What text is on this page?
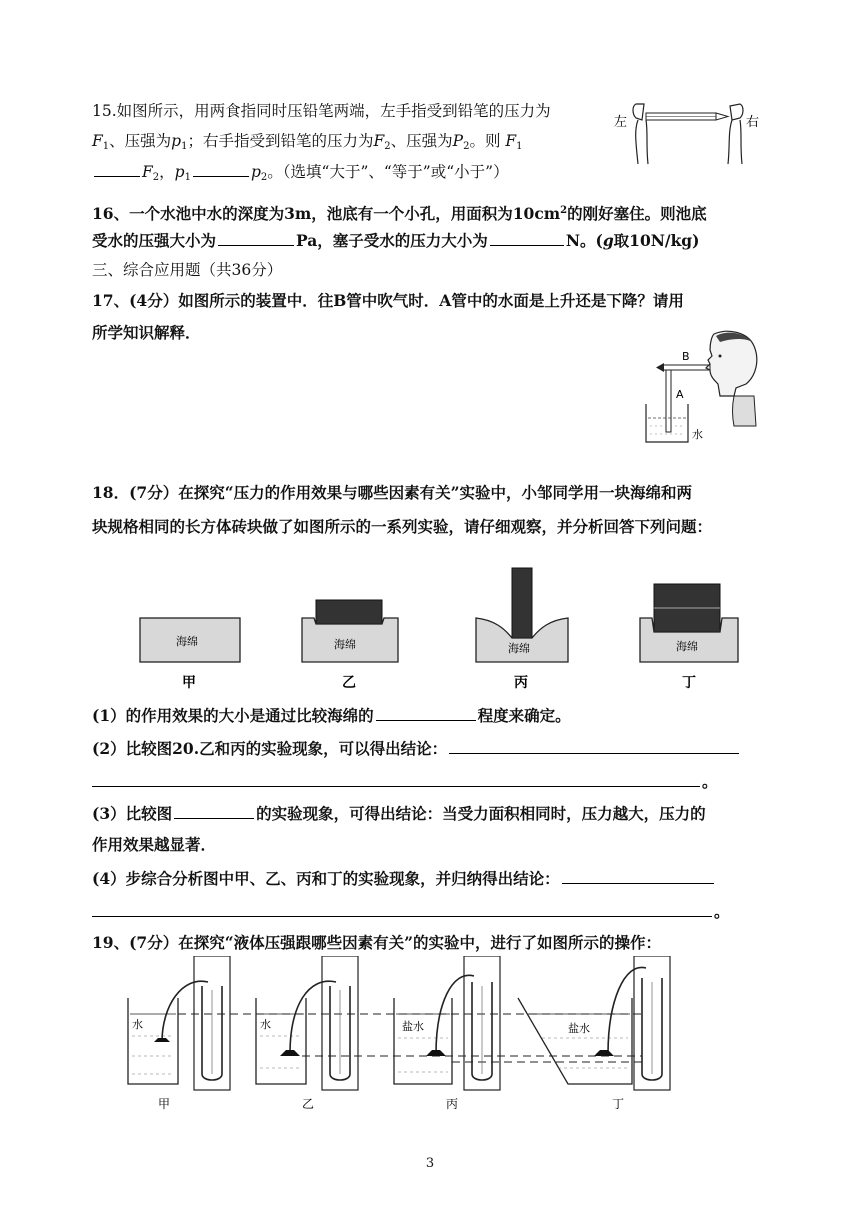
15.如图所示，用两食指同时压铅笔两端，左手指受到铅笔的压力为
$F_1$、压强为$p_1$；右手指受到铅笔的压力为$F_2$、压强为$P_2$。则 $F_1$
$F_2$，$p_1$	$p_2$。（选填“大于”、“等于”或“小于”）
左	右
16、一个水池中水的深度为3m，池底有一个小孔，用面积为$10cm^2$的刚好塞住。则池底
受水的压强大小为	Pa，塞子受水的压力大小为	N。(g取10N/kg)
三、综合应用题（共36分）
17、(4分）如图所示的装置中．往B管中吹气时．A管中的水面是上升还是下降？请用
所学知识解释．
B
A
水
18．(7分）在探究“压力的作用效果与哪些因素有关”实验中，小邹同学用一块海绵和两
块规格相同的长方体砖块做了如图所示的一系列实验，请仔细观察，并分析回答下列问题：
海绵
甲
海绵
乙
海绵
丙
海绵
丁
(1）的作用效果的大小是通过比较海绵的	程度来确定。
(2）比较图20.乙和丙的实验现象，可以得出结论：
。
(3）比较图	的实验现象，可得出结论：当受力面积相同时，压力越大，压力的
作用效果越显著．
(4）步综合分析图中甲、乙、丙和丁的实验现象，并归纳得出结论：
。
19、(7分）在探究“液体压强跟哪些因素有关”的实验中，进行了如图所示的操作：
水
甲
水
乙
盐水
丙
盐水
丁
3
